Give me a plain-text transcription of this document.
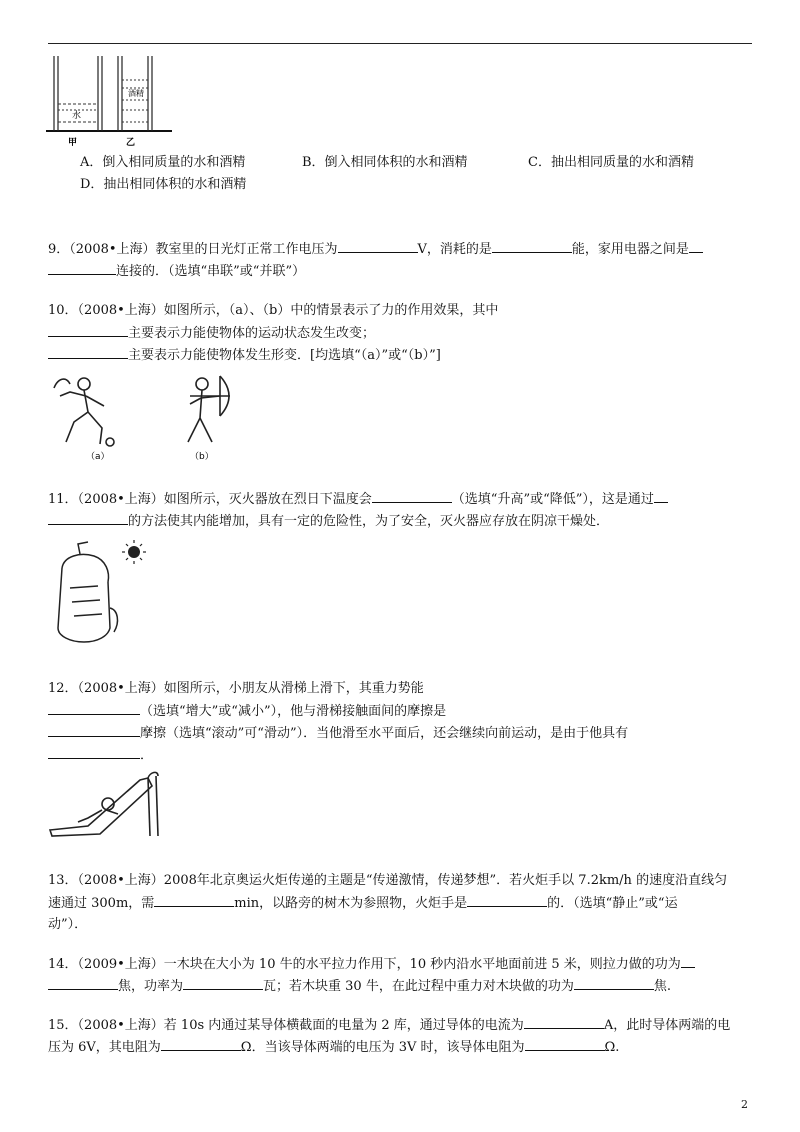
水
酒精
甲	乙
A．倒入相同质量的水和酒精	B．倒入相同体积的水和酒精	C．抽出相同质量的水和酒精
D．抽出相同体积的水和酒精
9．（2008•上海）教室里的日光灯正常工作电压为	V，消耗的是	能，家用电器之间是
连接的．（选填“串联”或“并联”）
10．（2008•上海）如图所示，（a）、（b）中的情景表示了力的作用效果，其中
主要表示力能使物体的运动状态发生改变；
主要表示力能使物体发生形变．[均选填“（a）”或“（b）”]
（a）	（b）
11．（2008•上海）如图所示，灭火器放在烈日下温度会	（选填“升高”或“降低”），这是通过
的方法使其内能增加，具有一定的危险性，为了安全，灭火器应存放在阴凉干燥处．
12．（2008•上海）如图所示，小朋友从滑梯上滑下，其重力势能
（选填“增大”或“减小”），他与滑梯接触面间的摩擦是
摩擦（选填“滚动”可“滑动”）．当他滑至水平面后，还会继续向前运动，是由于他具有
．
13．（2008•上海）2008年北京奥运火炬传递的主题是“传递激情，传递梦想”．若火炬手以 7.2km/h 的速度沿直线匀
速通过 300m，需	min，以路旁的树木为参照物，火炬手是	的．（选填“静止”或“运
动”）．
14．（2009•上海）一木块在大小为 10 牛的水平拉力作用下，10 秒内沿水平地面前进 5 米，则拉力做的功为
焦，功率为	瓦；若木块重 30 牛，在此过程中重力对木块做的功为	焦.
15．（2008•上海）若 10s 内通过某导体横截面的电量为 2 库，通过导体的电流为	A，此时导体两端的电
压为 6V，其电阻为	Ω．当该导体两端的电压为 3V 时，该导体电阻为	Ω.
2
